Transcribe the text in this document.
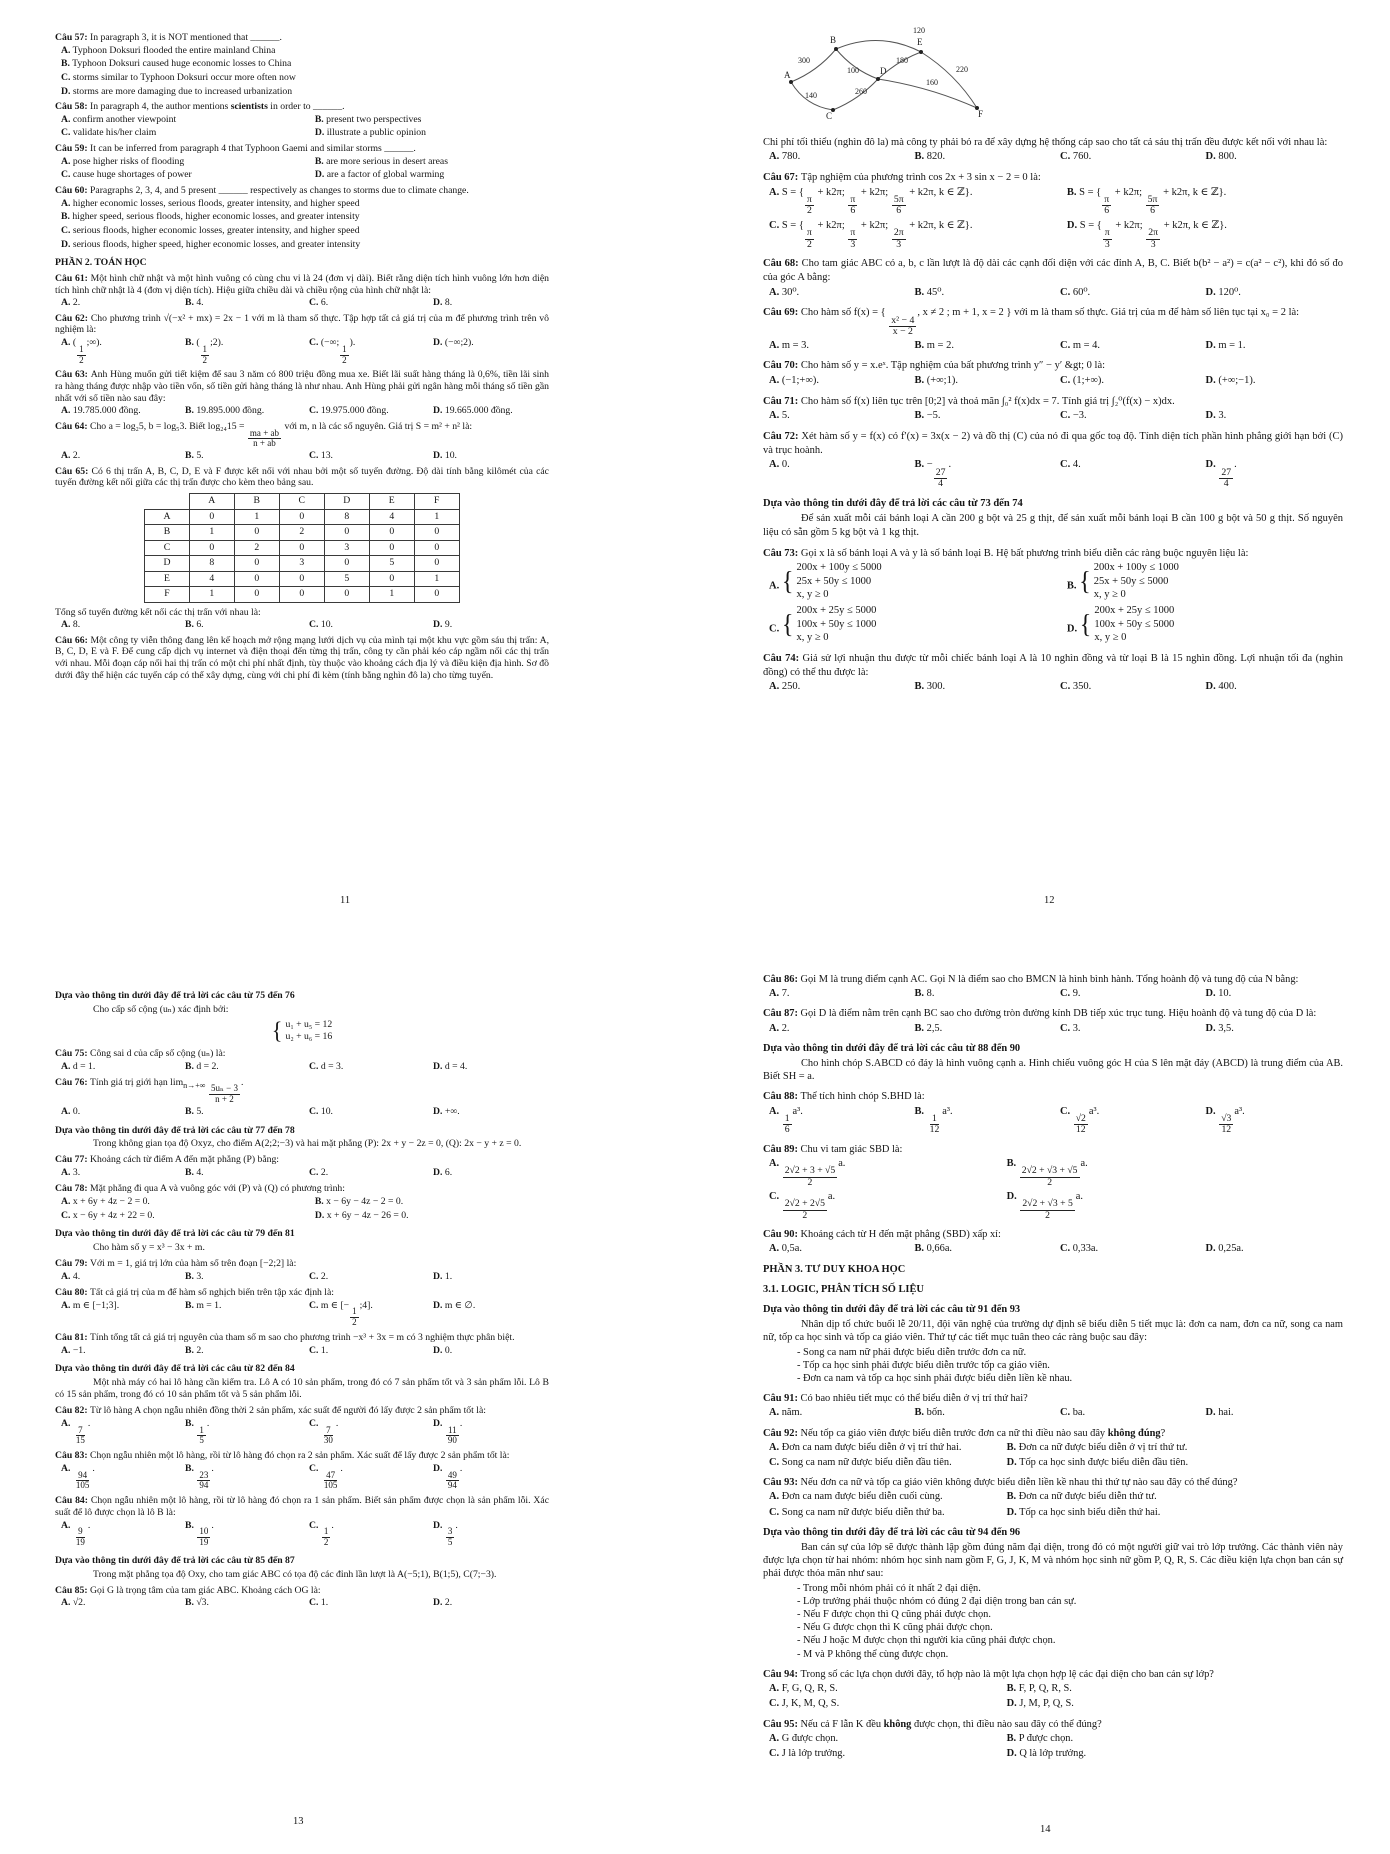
Câu 57: In paragraph 3, it is NOT mentioned that ______.
A. Typhoon Doksuri flooded the entire mainland China
B. Typhoon Doksuri caused huge economic losses to China
C. storms similar to Typhoon Doksuri occur more often now
D. storms are more damaging due to increased urbanization
Câu 58: In paragraph 4, the author mentions scientists in order to ______.
A. confirm another viewpoint	B. present two perspectives
C. validate his/her claim	D. illustrate a public opinion
Câu 59: It can be inferred from paragraph 4 that Typhoon Gaemi and similar storms ______.
A. pose higher risks of flooding	B. are more serious in desert areas
C. cause huge shortages of power	D. are a factor of global warming
Câu 60: Paragraphs 2, 3, 4, and 5 present ______ respectively as changes to storms due to climate change.
A. higher economic losses, serious floods, greater intensity, and higher speed
B. higher speed, serious floods, higher economic losses, and greater intensity
C. serious floods, higher economic losses, greater intensity, and higher speed
D. serious floods, higher speed, higher economic losses, and greater intensity
PHẦN 2. TOÁN HỌC
Câu 61: Một hình chữ nhật và một hình vuông có cùng chu vi là 24 (đơn vị dài). Biết rằng diện tích hình vuông lớn hơn diện tích hình chữ nhật là 4 (đơn vị diện tích). Hiệu giữa chiều dài và chiều rộng của hình chữ nhật là:
A. 2.	B. 4.	C. 6.	D. 8.
Câu 62: Cho phương trình √(−x² + mx) = 2x − 1 với m là tham số thực. Tập hợp tất cả giá trị của m để phương trình trên vô nghiệm là:
A. (
$\frac{1}{2}$
;∞).	B. (
$\frac{1}{2}$
;2).	C. (−∞;
$\frac{1}{2}$
).	D. (−∞;2).
Câu 63: Anh Hùng muốn gửi tiết kiệm để sau 3 năm có 800 triệu đồng mua xe. Biết lãi suất hàng tháng là 0,6%, tiền lãi sinh ra hàng tháng được nhập vào tiền vốn, số tiền gửi hàng tháng là như nhau. Anh Hùng phải gửi ngân hàng mỗi tháng số tiền gần nhất với số tiền nào sau đây:
A. 19.785.000 đồng.	B. 19.895.000 đồng.	C. 19.975.000 đồng.	D. 19.665.000 đồng.
Câu 64: Cho a = log₂5, b = log₅3. Biết log₂₄15 =
$\frac{ma + ab}{n + ab}$
với m, n là các số nguyên. Giá trị S = m² + n² là:
A. 2.	B. 5.	C. 13.	D. 10.
Câu 65: Có 6 thị trấn A, B, C, D, E và F được kết nối với nhau bởi một số tuyến đường. Độ dài tính bằng kilômét của các tuyến đường kết nối giữa các thị trấn được cho kèm theo bảng sau.
	A	B	C	D	E	F
A	0	1	0	8	4	1
B	1	0	2	0	0	0
C	0	2	0	3	0	0
D	8	0	3	0	5	0
E	4	0	0	5	0	1
F	1	0	0	0	1	0
Tổng số tuyến đường kết nối các thị trấn với nhau là:
A. 8.	B. 6.	C. 10.	D. 9.
Câu 66: Một công ty viễn thông đang lên kế hoạch mở rộng mạng lưới dịch vụ của mình tại một khu vực gồm sáu thị trấn: A, B, C, D, E và F. Để cung cấp dịch vụ internet và điện thoại đến từng thị trấn, công ty cần phải kéo cáp ngầm nối các thị trấn với nhau. Mỗi đoạn cáp nối hai thị trấn có một chi phí nhất định, tùy thuộc vào khoảng cách địa lý và điều kiện địa hình. Sơ đồ dưới đây thể hiện các tuyến cáp có thể xây dựng, cùng với chi phí đi kèm (tính bằng nghìn đô la) cho từng tuyến.
300
120
100
180
220
140	260
160
A
B
C
D
E
F
Chi phí tối thiểu (nghìn đô la) mà công ty phải bỏ ra để xây dựng hệ thống cáp sao cho tất cả sáu thị trấn đều được kết nối với nhau là:
A. 780.	B. 820.	C. 760.	D. 800.
Câu 67: Tập nghiệm của phương trình cos 2x + 3 sin x − 2 = 0 là:
A. S = {
$\frac{\pi}{2}$
+ k2π;
$\frac{\pi}{6}$
+ k2π;
$\frac{5\pi}{6}$
+ k2π, k ∈ ℤ}.	B. S = {
$\frac{\pi}{6}$
+ k2π;
$\frac{5\pi}{6}$
+ k2π, k ∈ ℤ}.
C. S = {
$\frac{\pi}{2}$
+ k2π;
$\frac{\pi}{3}$
+ k2π;
$\frac{2\pi}{3}$
+ k2π, k ∈ ℤ}.	D. S = {
$\frac{\pi}{3}$
+ k2π;
$\frac{2\pi}{3}$
+ k2π, k ∈ ℤ}.
Câu 68: Cho tam giác ABC có a, b, c lần lượt là độ dài các cạnh đối diện với các đỉnh A, B, C. Biết b(b² − a²) = c(a² − c²), khi đó số đo của góc A bằng:
A. 30⁰.	B. 45⁰.	C. 60⁰.	D. 120⁰.
Câu 69: Cho hàm số f(x) = {
$\frac{\text{x² − 4}}{x - 2}$
, x ≠ 2 ; m + 1, x = 2 } với m là tham số thực. Giá trị của m để hàm số liên tục tại x₀ = 2 là:
A. m = 3.	B. m = 2.	C. m = 4.	D. m = 1.
Câu 70: Cho hàm số y = x.eˣ. Tập nghiệm của bất phương trình y″ − y′ &gt; 0 là:
A. (−1;+∞).	B. (+∞;1).	C. (1;+∞).	D. (+∞;−1).
Câu 71: Cho hàm số f(x) liên tục trên [0;2] và thoả mãn ∫₀² f(x)dx = 7. Tính giá trị ∫₂⁰(f(x) − x)dx.
A. 5.	B. −5.	C. −3.	D. 3.
Câu 72: Xét hàm số y = f(x) có f′(x) = 3x(x − 2) và đồ thị (C) của nó đi qua gốc toạ độ. Tính diện tích phần hình phẳng giới hạn bởi (C) và trục hoành.
A. 0.	B. −
$\frac{27}{4}$
.	C. 4.	D.
$\frac{27}{4}$
.
Dựa vào thông tin dưới đây để trả lời các câu từ 73 đến 74
Để sản xuất mỗi cái bánh loại A cần 200 g bột và 25 g thịt, để sản xuất mỗi bánh loại B cần 100 g bột và 50 g thịt. Số nguyên liệu có sẵn gồm 5 kg bột và 1 kg thịt.
Câu 73: Gọi x là số bánh loại A và y là số bánh loại B. Hệ bất phương trình biểu diễn các ràng buộc nguyên liệu là:
A. { 200x + 100y ≤ 5000
25x + 50y ≤ 1000
x, y ≥ 0
B. { 200x + 100y ≤ 1000
25x + 50y ≤ 5000
x, y ≥ 0
C. { 200x + 25y ≤ 5000
100x + 50y ≤ 1000
x, y ≥ 0
D. { 200x + 25y ≤ 1000
100x + 50y ≤ 5000
x, y ≥ 0
Câu 74: Giả sử lợi nhuận thu được từ mỗi chiếc bánh loại A là 10 nghìn đồng và từ loại B là 15 nghìn đồng. Lợi nhuận tối đa (nghìn đồng) có thể thu được là:
A. 250.	B. 300.	C. 350.	D. 400.
Dựa vào thông tin dưới đây để trả lời các câu từ 75 đến 76
Cho cấp số cộng (uₙ) xác định bởi:
{ u₁ + u₅ = 12
u₂ + u₆ = 16
Câu 75: Công sai d của cấp số cộng (uₙ) là:
A. d = 1.	B. d = 2.	C. d = 3.	D. d = 4.
Câu 76: Tính giá trị giới hạn $\lim_{n\to+\infty} \frac{\text{5uₙ − 3}}{n + 2}$
.
A. 0.	B. 5.	C. 10.	D. +∞.
Dựa vào thông tin dưới đây để trả lời các câu từ 77 đến 78
Trong không gian tọa độ Oxyz, cho điểm A(2;2;−3) và hai mặt phẳng (P): 2x + y − 2z = 0, (Q): 2x − y + z = 0.
Câu 77: Khoảng cách từ điểm A đến mặt phẳng (P) bằng:
A. 3.	B. 4.	C. 2.	D. 6.
Câu 78: Mặt phẳng đi qua A và vuông góc với (P) và (Q) có phương trình:
A. x + 6y + 4z − 2 = 0.	B. x − 6y − 4z − 2 = 0.
C. x − 6y + 4z + 22 = 0.	D. x + 6y − 4z − 26 = 0.
Dựa vào thông tin dưới đây để trả lời các câu từ 79 đến 81
Cho hàm số y = x³ − 3x + m.
Câu 79: Với m = 1, giá trị lớn của hàm số trên đoạn [−2;2] là:
A. 4.	B. 3.	C. 2.	D. 1.
Câu 80: Tất cả giá trị của m để hàm số nghịch biến trên tập xác định là:
A. m ∈ [−1;3].	B. m = 1.	C. m ∈ [−
$\frac{1}{2}$
;4].	D. m ∈ ∅.
Câu 81: Tính tổng tất cả giá trị nguyên của tham số m sao cho phương trình −x³ + 3x = m có 3 nghiệm thực phân biệt.
A. −1.	B. 2.	C. 1.	D. 0.
Dựa vào thông tin dưới đây để trả lời các câu từ 82 đến 84
Một nhà máy có hai lô hàng cần kiểm tra. Lô A có 10 sản phẩm, trong đó có 7 sản phẩm tốt và 3 sản phẩm lỗi. Lô B có 15 sản phẩm, trong đó có 10 sản phẩm tốt và 5 sản phẩm lỗi.
Câu 82: Từ lô hàng A chọn ngẫu nhiên đồng thời 2 sản phẩm, xác suất để người đó lấy được 2 sản phẩm tốt là:
A.
$\frac{7}{15}$
.	B.
$\frac{1}{5}$
.	C.
$\frac{7}{30}$
.	D.
$\frac{11}{90}$
.
Câu 83: Chọn ngẫu nhiên một lô hàng, rồi từ lô hàng đó chọn ra 2 sản phẩm. Xác suất để lấy được 2 sản phẩm tốt là:
A.
$\frac{94}{105}$
.	B.
$\frac{23}{94}$
.	C.
$\frac{47}{105}$
.	D.
$\frac{49}{94}$
.
Câu 84: Chọn ngẫu nhiên một lô hàng, rồi từ lô hàng đó chọn ra 1 sản phẩm. Biết sản phẩm được chọn là sản phẩm lỗi. Xác suất để lô được chọn là lô B là:
A.
$\frac{9}{19}$
.	B.
$\frac{10}{19}$
.	C.
$\frac{1}{2}$
.	D.
$\frac{3}{5}$
.
Dựa vào thông tin dưới đây để trả lời các câu từ 85 đến 87
Trong mặt phẳng tọa độ Oxy, cho tam giác ABC có tọa độ các đỉnh lần lượt là A(−5;1), B(1;5), C(7;−3).
Câu 85: Gọi G là trọng tâm của tam giác ABC. Khoảng cách OG là:
A. √2.	B. √3.	C. 1.	D. 2.
Câu 86: Gọi M là trung điểm cạnh AC. Gọi N là điểm sao cho BMCN là hình bình hành. Tổng hoành độ và tung độ của N bằng:
A. 7.	B. 8.	C. 9.	D. 10.
Câu 87: Gọi D là điểm nằm trên cạnh BC sao cho đường tròn đường kính DB tiếp xúc trục tung. Hiệu hoành độ và tung độ của D là:
A. 2.	B. 2,5.	C. 3.	D. 3,5.
Dựa vào thông tin dưới đây để trả lời các câu từ 88 đến 90
Cho hình chóp S.ABCD có đáy là hình vuông cạnh a. Hình chiếu vuông góc H của S lên mặt đáy (ABCD) là trung điểm của AB. Biết SH = a.
Câu 88: Thể tích hình chóp S.BHD là:
A.
$\frac{1}{6}$
a³.	B.
$\frac{1}{12}$
a³.	C.
$\frac{√2}{12}$
a³.	D.
$\frac{√3}{12}$
a³.
Câu 89: Chu vi tam giác SBD là:
A.
$\frac{2√2 + 3 + √5}{2}$
a.	B.
$\frac{2√2 + √3 + √5}{2}$
a.
C.
$\frac{2√2 + 2√5}{2}$
a.	D.
$\frac{2√2 + √3 + 5}{2}$
a.
Câu 90: Khoảng cách từ H đến mặt phẳng (SBD) xấp xỉ:
A. 0,5a.	B. 0,66a.	C. 0,33a.	D. 0,25a.
PHẦN 3. TƯ DUY KHOA HỌC
3.1. LOGIC, PHÂN TÍCH SỐ LIỆU
Dựa vào thông tin dưới đây để trả lời các câu từ 91 đến 93
Nhân dịp tổ chức buổi lễ 20/11, đội văn nghệ của trường dự định sẽ biểu diễn 5 tiết mục là: đơn ca nam, đơn ca nữ, song ca nam nữ, tốp ca học sinh và tốp ca giáo viên. Thứ tự các tiết mục tuân theo các ràng buộc sau đây:
- Song ca nam nữ phải được biểu diễn trước đơn ca nữ.
- Tốp ca học sinh phải được biểu diễn trước tốp ca giáo viên.
- Đơn ca nam và tốp ca học sinh phải được biểu diễn liền kề nhau.
Câu 91: Có bao nhiêu tiết mục có thể biểu diễn ở vị trí thứ hai?
A. năm.	B. bốn.	C. ba.	D. hai.
Câu 92: Nếu tốp ca giáo viên được biểu diễn trước đơn ca nữ thì điều nào sau đây không đúng?
A. Đơn ca nam được biểu diễn ở vị trí thứ hai.	B. Đơn ca nữ được biểu diễn ở vị trí thứ tư.
C. Song ca nam nữ được biểu diễn đầu tiên.	D. Tốp ca học sinh được biểu diễn đầu tiên.
Câu 93: Nếu đơn ca nữ và tốp ca giáo viên không được biểu diễn liền kề nhau thì thứ tự nào sau đây có thể đúng?
A. Đơn ca nam được biểu diễn cuối cùng.	B. Đơn ca nữ được biểu diễn thứ tư.
C. Song ca nam nữ được biểu diễn thứ ba.	D. Tốp ca học sinh biểu diễn thứ hai.
Dựa vào thông tin dưới đây để trả lời các câu từ 94 đến 96
Ban cán sự của lớp sẽ được thành lập gồm đúng năm đại diện, trong đó có một người giữ vai trò lớp trưởng. Các thành viên này được lựa chọn từ hai nhóm: nhóm học sinh nam gồm F, G, J, K, M và nhóm học sinh nữ gồm P, Q, R, S. Các điều kiện lựa chọn ban cán sự phải được thỏa mãn như sau:
- Trong mỗi nhóm phải có ít nhất 2 đại diện.
- Lớp trưởng phải thuộc nhóm có đúng 2 đại diện trong ban cán sự.
- Nếu F được chọn thì Q cũng phải được chọn.
- Nếu G được chọn thì K cũng phải được chọn.
- Nếu J hoặc M được chọn thì người kia cũng phải được chọn.
- M và P không thể cùng được chọn.
Câu 94: Trong số các lựa chọn dưới đây, tổ hợp nào là một lựa chọn hợp lệ các đại diện cho ban cán sự lớp?
A. F, G, Q, R, S.	B. F, P, Q, R, S.
C. J, K, M, Q, S.	D. J, M, P, Q, S.
Câu 95: Nếu cả F lẫn K đều không được chọn, thì điều nào sau đây có thể đúng?
A. G được chọn.	B. P được chọn.
C. J là lớp trưởng.	D. Q là lớp trưởng.
11	12
13
14
